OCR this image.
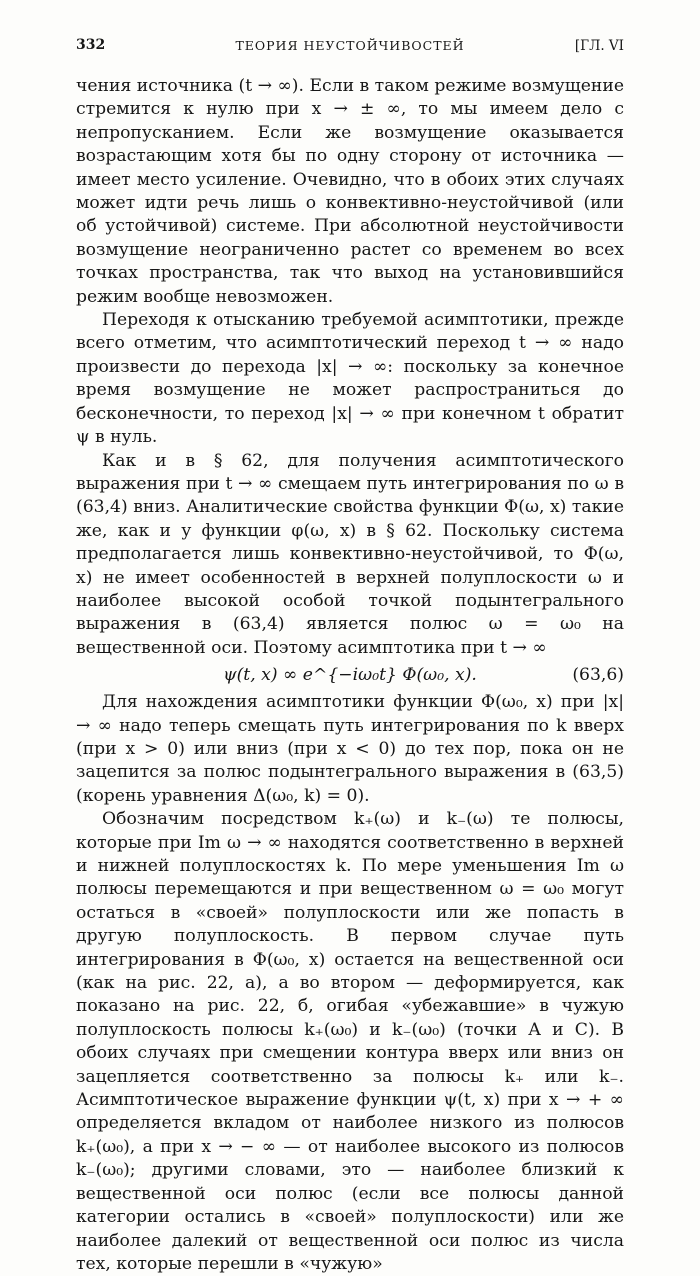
332	ТЕОРИЯ НЕУСТОЙЧИВОСТЕЙ	[ГЛ. VI

чения источника (t → ∞). Если в таком режиме возмущение стремится к нулю при x → ± ∞, то мы имеем дело с непропусканием. Если же возмущение оказывается возрастающим хотя бы по одну сторону от источника — имеет место усиление. Очевидно, что в обоих этих случаях может идти речь лишь о конвективно-неустойчивой (или об устойчивой) системе. При абсолютной неустойчивости возмущение неограниченно растет со временем во всех точках пространства, так что выход на установившийся режим вообще невозможен.

Переходя к отысканию требуемой асимптотики, прежде всего отметим, что асимптотический переход t → ∞ надо произвести до перехода |x| → ∞: поскольку за конечное время возмущение не может распространиться до бесконечности, то переход |x| → ∞ при конечном t обратит ψ в нуль.

Как и в § 62, для получения асимптотического выражения при t → ∞ смещаем путь интегрирования по ω в (63,4) вниз. Аналитические свойства функции Φ(ω, x) такие же, как и у функции φ(ω, x) в § 62. Поскольку система предполагается лишь конвективно-неустойчивой, то Φ(ω, x) не имеет особенностей в верхней полуплоскости ω и наиболее высокой особой точкой подынтегрального выражения в (63,4) является полюс ω = ω₀ на вещественной оси. Поэтому асимптотика при t → ∞

ψ(t, x) ∞ e^{−iω₀t} Φ(ω₀, x).	(63,6)

Для нахождения асимптотики функции Φ(ω₀, x) при |x| → ∞ надо теперь смещать путь интегрирования по k вверх (при x > 0) или вниз (при x < 0) до тех пор, пока он не зацепится за полюс подынтегрального выражения в (63,5) (корень уравнения Δ(ω₀, k) = 0).

Обозначим посредством k₊(ω) и k₋(ω) те полюсы, которые при Im ω → ∞ находятся соответственно в верхней и нижней полуплоскостях k. По мере уменьшения Im ω полюсы перемещаются и при вещественном ω = ω₀ могут остаться в «своей» полуплоскости или же попасть в другую полуплоскость. В первом случае путь интегрирования в Φ(ω₀, x) остается на вещественной оси (как на рис. 22, а), а во втором — деформируется, как показано на рис. 22, б, огибая «убежавшие» в чужую полуплоскость полюсы k₊(ω₀) и k₋(ω₀) (точки A и C). В обоих случаях при смещении контура вверх или вниз он зацепляется соответственно за полюсы k₊ или k₋. Асимптотическое выражение функции ψ(t, x) при x → + ∞ определяется вкладом от наиболее низкого из полюсов k₊(ω₀), а при x → − ∞ — от наиболее высокого из полюсов k₋(ω₀); другими словами, это — наиболее близкий к вещественной оси полюс (если все полюсы данной категории остались в «своей» полуплоскости) или же наиболее далекий от вещественной оси полюс из числа тех, которые перешли в «чужую»
